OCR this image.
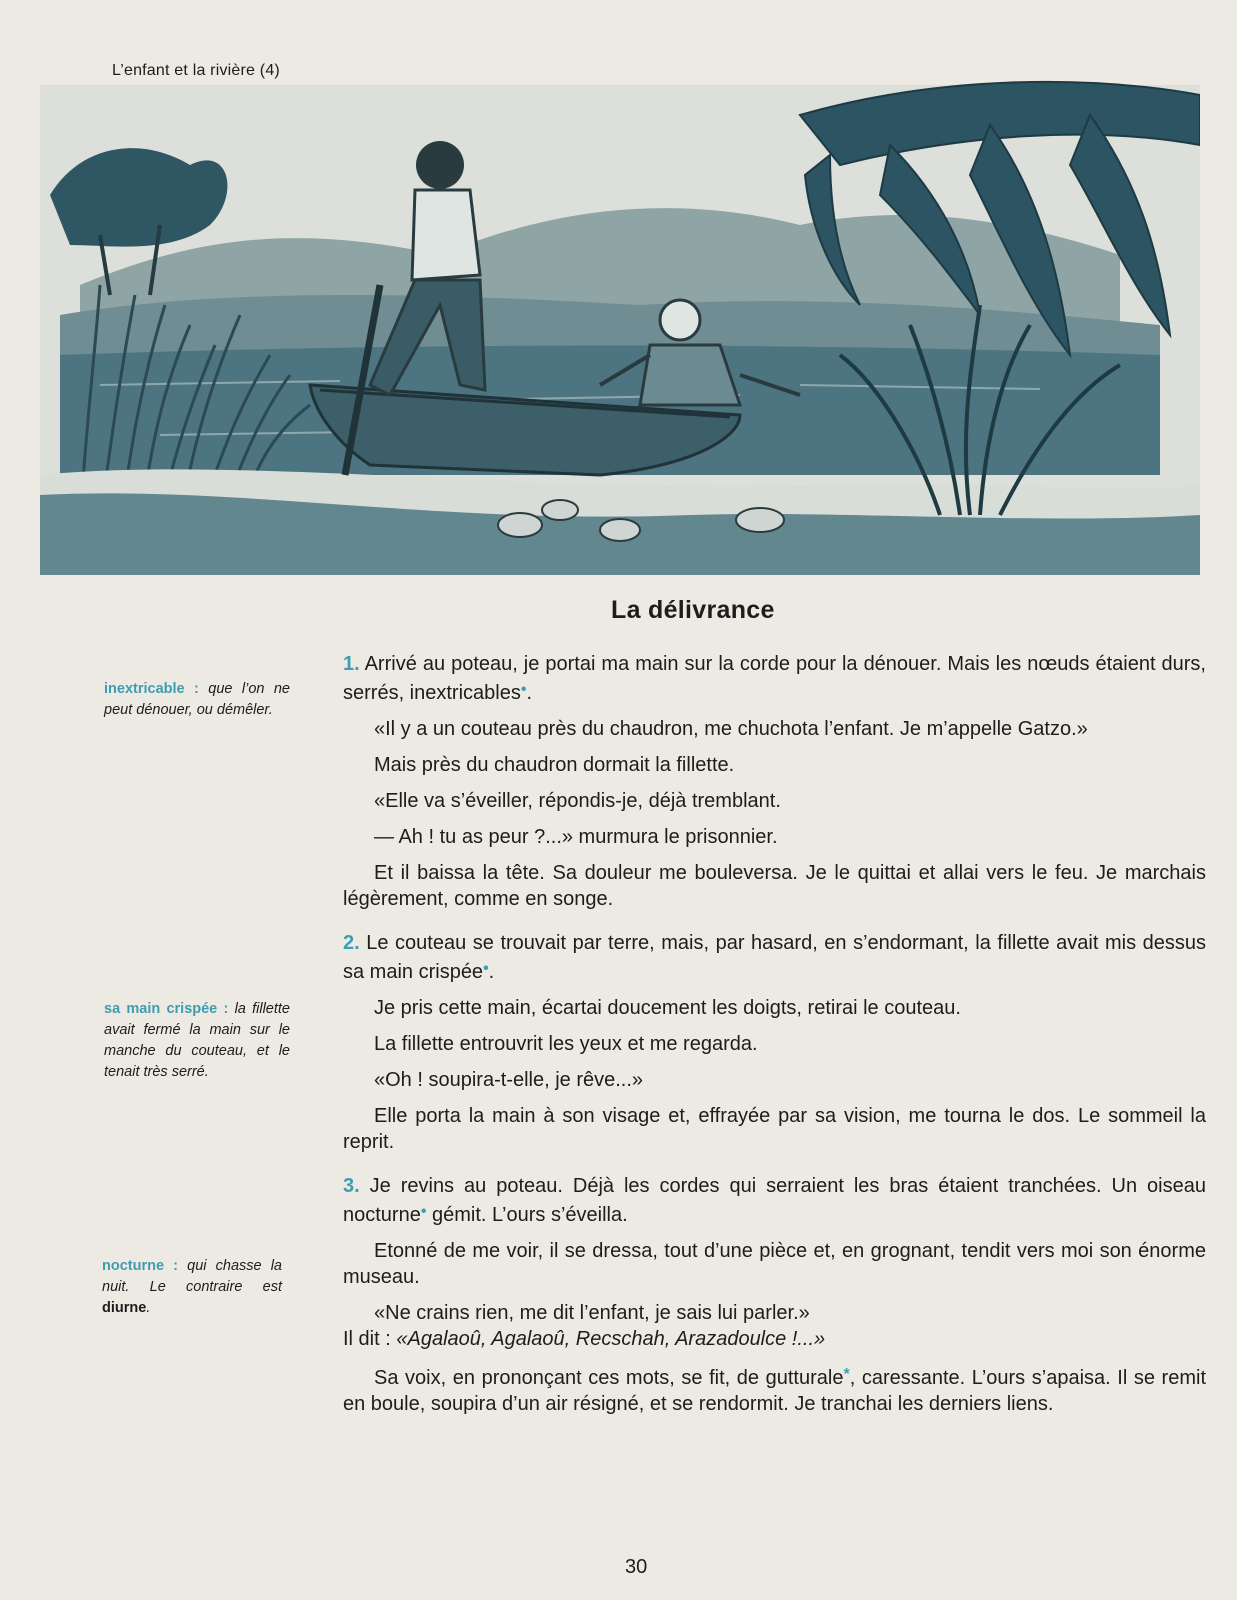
L’enfant et la rivière (4)
La délivrance
inextricable : que l’on ne peut dénouer, ou démêler.
sa main crispée : la fillette avait fermé la main sur le manche du couteau, et le tenait très serré.
nocturne : qui chasse la nuit. Le contraire est diurne.

1. Arrivé au poteau, je portai ma main sur la corde pour la dénouer. Mais les nœuds étaient durs, serrés, inextricables•.

«Il y a un couteau près du chaudron, me chuchota l’enfant. Je m’appelle Gatzo.»

Mais près du chaudron dormait la fillette.

«Elle va s’éveiller, répondis-je, déjà tremblant.

— Ah ! tu as peur ?...» murmura le prisonnier.

Et il baissa la tête. Sa douleur me bouleversa. Je le quittai et allai vers le feu. Je marchais légèrement, comme en songe.

2. Le couteau se trouvait par terre, mais, par hasard, en s’endormant, la fillette avait mis dessus sa main crispée•.

Je pris cette main, écartai doucement les doigts, retirai le couteau.

La fillette entrouvrit les yeux et me regarda.

«Oh ! soupira-t-elle, je rêve...»

Elle porta la main à son visage et, effrayée par sa vision, me tourna le dos. Le sommeil la reprit.

3. Je revins au poteau. Déjà les cordes qui serraient les bras étaient tranchées. Un oiseau nocturne• gémit. L’ours s’éveilla.

Etonné de me voir, il se dressa, tout d’une pièce et, en grognant, tendit vers moi son énorme museau.

«Ne crains rien, me dit l’enfant, je sais lui parler.»

Il dit : «Agalaoû, Agalaoû, Recschah, Arazadoulce !...»

Sa voix, en prononçant ces mots, se fit, de gutturale*, caressante. L’ours s’apaisa. Il se remit en boule, soupira d’un air résigné, et se rendormit. Je tranchai les derniers liens.

30
